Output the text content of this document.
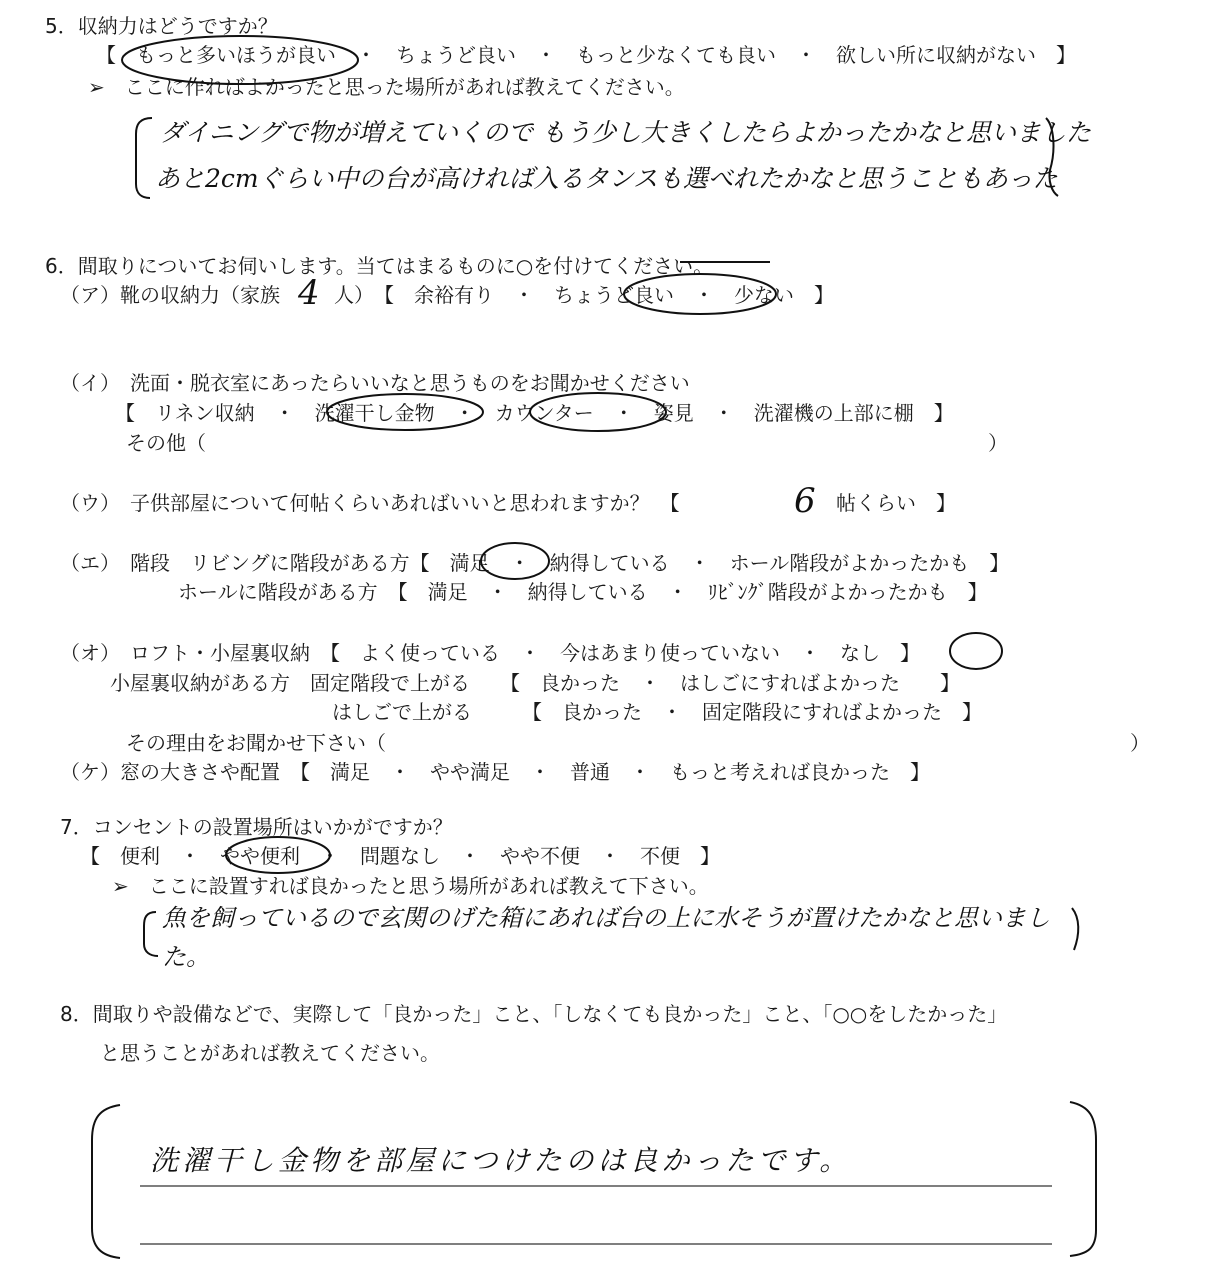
5．収納力はどうですか？
【　もっと多いほうが良い　・　ちょうど良い　・　もっと少なくても良い　・　欲しい所に収納がない　】
➢　ここに作ればよかったと思った場所があれば教えてください。
ダイニングで物が増えていくので もう少し大きくしたらよかったかなと思いました
あと2cmぐらい中の台が高ければ入るタンスも選べれたかなと思うこともあった
6．間取りについてお伺いします。当てはまるものに○を付けてください。
（ア）靴の収納力（家族 4 人）　【　余裕有り　・　ちょうど良い　・　少ない　】
（イ）　洗面・脱衣室にあったらいいなと思うものをお聞かせください
【　リネン収納　・　洗濯干し金物　・　カウンター　・　姿見　・　洗濯機の上部に棚　】
その他（	）
（ウ）　子供部屋について何帖くらいあればいいと思われますか？　【	6 帖くらい　】
（エ）　階段　リビングに階段がある方【　満足　・　納得している　・　ホール階段がよかったかも　】
ホールに階段がある方　【　満足　・　納得している　・　ﾘﾋﾞﾝｸﾞ階段がよかったかも　】
（オ）　ロフト・小屋裏収納　【　よく使っている　・　今はあまり使っていない　・　なし　】
小屋裏収納がある方　固定階段で上がる　　【　良かった　・　はしごにすればよかった　　】
はしごで上がる　　　【　良かった　・　固定階段にすればよかった　】
その理由をお聞かせ下さい（	）
（ケ）窓の大きさや配置　【　満足　・　やや満足　・　普通　・　もっと考えれば良かった　】
7．コンセントの設置場所はいかがですか？
【　便利　・　やや便利　・　問題なし　・　やや不便　・　不便　】
➢　ここに設置すれば良かったと思う場所があれば教えて下さい。
魚を飼っているので玄関のげた箱にあれば台の上に水そうが置けたかなと思いまし
た。
8．間取りや設備などで、実際して「良かった」こと、「しなくても良かった」こと、「○○をしたかった」
と思うことがあれば教えてください。
洗濯干し金物を部屋につけたのは良かったです。
